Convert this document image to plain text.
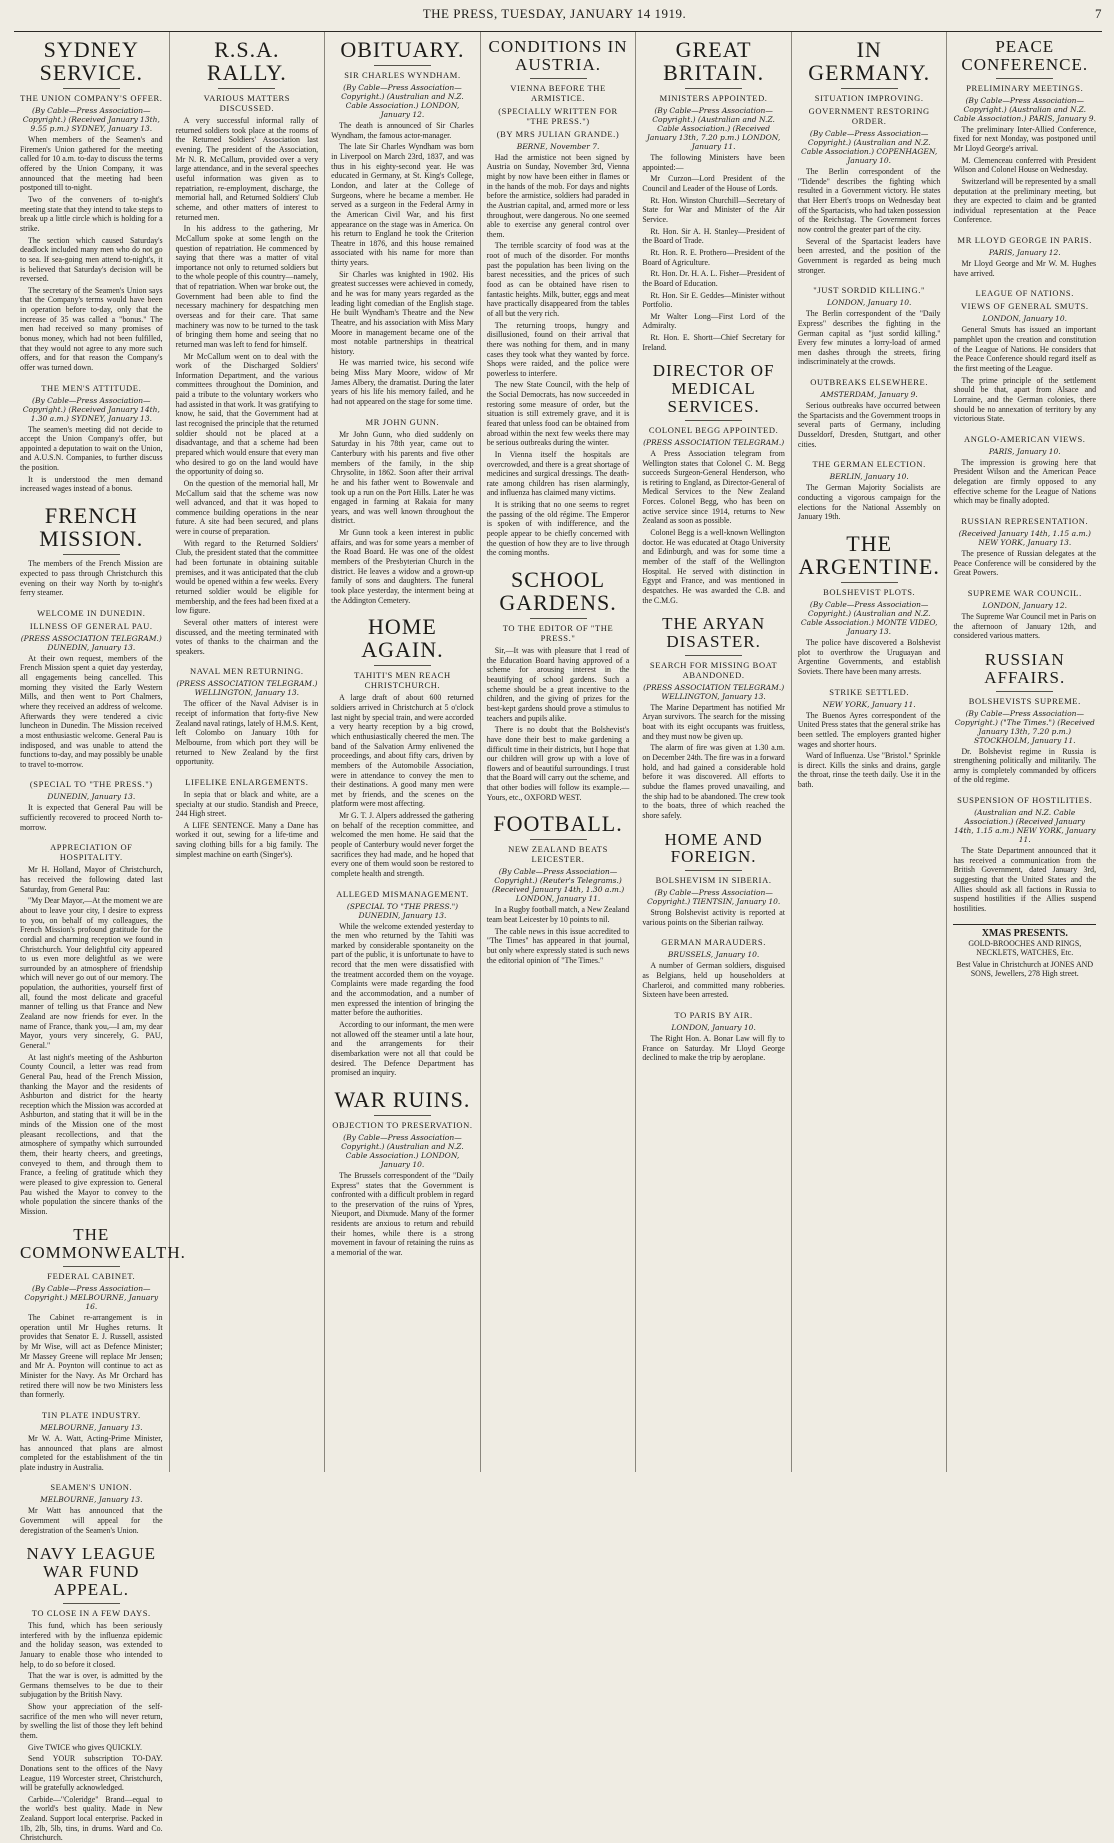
THE PRESS, TUESDAY, JANUARY 14 1919.	7
SYDNEY SERVICE.
THE UNION COMPANY'S OFFER.
(By Cable—Press Association—Copyright.) (Received January 13th, 9.55 p.m.) SYDNEY, January 13.

When members of the Seamen's and Firemen's Union gathered for the meeting called for 10 a.m. to-day to discuss the terms offered by the Union Company, it was announced that the meeting had been postponed till to-night.

Two of the conveners of to-night's meeting state that they intend to take steps to break up a little circle which is holding for a strike.

The section which caused Saturday's deadlock included many men who do not go to sea. If sea-going men attend to-night's, it is believed that Saturday's decision will be reversed.

The secretary of the Seamen's Union says that the Company's terms would have been in operation before to-day, only that the increase of 35 was called a "bonus." The men had received so many promises of bonus money, which had not been fulfilled, that they would not agree to any more such offers, and for that reason the Company's offer was turned down.

THE MEN'S ATTITUDE.
(By Cable—Press Association—Copyright.) (Received January 14th, 1.30 a.m.) SYDNEY, January 13.

The seamen's meeting did not decide to accept the Union Company's offer, but appointed a deputation to wait on the Union, and A.U.S.N. Companies, to further discuss the position.

It is understood the men demand increased wages instead of a bonus.

FRENCH MISSION.

The members of the French Mission are expected to pass through Christchurch this evening on their way North by to-night's ferry steamer.

WELCOME IN DUNEDIN.
ILLNESS OF GENERAL PAU.
(PRESS ASSOCIATION TELEGRAM.) DUNEDIN, January 13.

At their own request, members of the French Mission spent a quiet day yesterday, all engagements being cancelled. This morning they visited the Early Western Mills, and then went to Port Chalmers, where they received an address of welcome. Afterwards they were tendered a civic luncheon in Dunedin. The Mission received a most enthusiastic welcome. General Pau is indisposed, and was unable to attend the functions to-day, and may possibly be unable to travel to-morrow.

(SPECIAL TO "THE PRESS.")
DUNEDIN, January 13.

It is expected that General Pau will be sufficiently recovered to proceed North to-morrow.

APPRECIATION OF HOSPITALITY.

Mr H. Holland, Mayor of Christchurch, has received the following dated last Saturday, from General Pau:

"My Dear Mayor,—At the moment we are about to leave your city, I desire to express to you, on behalf of my colleagues, the French Mission's profound gratitude for the cordial and charming reception we found in Christchurch. Your delightful city appeared to us even more delightful as we were surrounded by an atmosphere of friendship which will never go out of our memory. The population, the authorities, yourself first of all, found the most delicate and graceful manner of telling us that France and New Zealand are now friends for ever. In the name of France, thank you,—I am, my dear Mayor, yours very sincerely, G. PAU, General."

At last night's meeting of the Ashburton County Council, a letter was read from General Pau, head of the French Mission, thanking the Mayor and the residents of Ashburton and district for the hearty reception which the Mission was accorded at Ashburton, and stating that it will be in the minds of the Mission one of the most pleasant recollections, and that the atmosphere of sympathy which surrounded them, their hearty cheers, and greetings, conveyed to them, and through them to France, a feeling of gratitude which they were pleased to give expression to. General Pau wished the Mayor to convey to the whole population the sincere thanks of the Mission.

THE COMMONWEALTH.
FEDERAL CABINET.
(By Cable—Press Association—Copyright.) MELBOURNE, January 16.

The Cabinet re-arrangement is in operation until Mr Hughes returns. It provides that Senator E. J. Russell, assisted by Mr Wise, will act as Defence Minister; Mr Massey Greene will replace Mr Jensen; and Mr A. Poynton will continue to act as Minister for the Navy. As Mr Orchard has retired there will now be two Ministers less than formerly.

TIN PLATE INDUSTRY.
MELBOURNE, January 13.

Mr W. A. Watt, Acting-Prime Minister, has announced that plans are almost completed for the establishment of the tin plate industry in Australia.

SEAMEN'S UNION.
MELBOURNE, January 13.

Mr Watt has announced that the Government will appeal for the deregistration of the Seamen's Union.

NAVY LEAGUE WAR FUND APPEAL.
TO CLOSE IN A FEW DAYS.

This fund, which has been seriously interfered with by the influenza epidemic and the holiday season, was extended to January to enable those who intended to help, to do so before it closed.

That the war is over, is admitted by the Germans themselves to be due to their subjugation by the British Navy.

Show your appreciation of the self-sacrifice of the men who will never return, by swelling the list of those they left behind them.

Give TWICE who gives QUICKLY.

Send YOUR subscription TO-DAY. Donations sent to the offices of the Navy League, 119 Worcester street, Christchurch, will be gratefully acknowledged.

Carbide—"Coleridge" Brand—equal to the world's best quality. Made in New Zealand. Support local enterprise. Packed in 1lb, 2lb, 5lb, tins, in drums. Ward and Co. Christchurch.

R.S.A. RALLY.
VARIOUS MATTERS DISCUSSED.

A very successful informal rally of returned soldiers took place at the rooms of the Returned Soldiers' Association last evening. The president of the Association, Mr N. R. McCallum, provided over a very large attendance, and in the several speeches useful information was given as to repatriation, re-employment, discharge, the memorial hall, and Returned Soldiers' Club scheme, and other matters of interest to returned men.

In his address to the gathering, Mr McCallum spoke at some length on the question of repatriation. He commenced by saying that there was a matter of vital importance not only to returned soldiers but to the whole people of this country—namely, that of repatriation. When war broke out, the Government had been able to find the necessary machinery for despatching men overseas and for their care. That same machinery was now to be turned to the task of bringing them home and seeing that no returned man was left to fend for himself.

Mr McCallum went on to deal with the work of the Discharged Soldiers' Information Department, and the various committees throughout the Dominion, and paid a tribute to the voluntary workers who had assisted in that work. It was gratifying to know, he said, that the Government had at last recognised the principle that the returned soldier should not be placed at a disadvantage, and that a scheme had been prepared which would ensure that every man who desired to go on the land would have the opportunity of doing so.

On the question of the memorial hall, Mr McCallum said that the scheme was now well advanced, and that it was hoped to commence building operations in the near future. A site had been secured, and plans were in course of preparation.

With regard to the Returned Soldiers' Club, the president stated that the committee had been fortunate in obtaining suitable premises, and it was anticipated that the club would be opened within a few weeks. Every returned soldier would be eligible for membership, and the fees had been fixed at a low figure.

Several other matters of interest were discussed, and the meeting terminated with votes of thanks to the chairman and the speakers.

NAVAL MEN RETURNING.
(PRESS ASSOCIATION TELEGRAM.) WELLINGTON, January 13.

The officer of the Naval Adviser is in receipt of information that forty-five New Zealand naval ratings, lately of H.M.S. Kent, left Colombo on January 10th for Melbourne, from which port they will be returned to New Zealand by the first opportunity.

LIFELIKE ENLARGEMENTS.

In sepia that or black and white, are a specialty at our studio. Standish and Preece, 244 High street.

A LIFE SENTENCE. Many a Dane has worked it out, sewing for a life-time and saving clothing bills for a big family. The simplest machine on earth (Singer's).

OBITUARY.
SIR CHARLES WYNDHAM.
(By Cable—Press Association—Copyright.) (Australian and N.Z. Cable Association.) LONDON, January 12.

The death is announced of Sir Charles Wyndham, the famous actor-manager.

The late Sir Charles Wyndham was born in Liverpool on March 23rd, 1837, and was thus in his eighty-second year. He was educated in Germany, at St. King's College, London, and later at the College of Surgeons, where he became a member. He served as a surgeon in the Federal Army in the American Civil War, and his first appearance on the stage was in America. On his return to England he took the Criterion Theatre in 1876, and this house remained associated with his name for more than thirty years.

Sir Charles was knighted in 1902. His greatest successes were achieved in comedy, and he was for many years regarded as the leading light comedian of the English stage. He built Wyndham's Theatre and the New Theatre, and his association with Miss Mary Moore in management became one of the most notable partnerships in theatrical history.

He was married twice, his second wife being Miss Mary Moore, widow of Mr James Albery, the dramatist. During the later years of his life his memory failed, and he had not appeared on the stage for some time.

MR JOHN GUNN.

Mr John Gunn, who died suddenly on Saturday in his 78th year, came out to Canterbury with his parents and five other members of the family, in the ship Chrysolite, in 1862. Soon after their arrival he and his father went to Bowenvale and took up a run on the Port Hills. Later he was engaged in farming at Rakaia for many years, and was well known throughout the district.

Mr Gunn took a keen interest in public affairs, and was for some years a member of the Road Board. He was one of the oldest members of the Presbyterian Church in the district. He leaves a widow and a grown-up family of sons and daughters. The funeral took place yesterday, the interment being at the Addington Cemetery.

HOME AGAIN.
TAHITI'S MEN REACH CHRISTCHURCH.

A large draft of about 600 returned soldiers arrived in Christchurch at 5 o'clock last night by special train, and were accorded a very hearty reception by a big crowd, which enthusiastically cheered the men. The band of the Salvation Army enlivened the proceedings, and about fifty cars, driven by members of the Automobile Association, were in attendance to convey the men to their destinations. A good many men were met by friends, and the scenes on the platform were most affecting.

Mr G. T. J. Alpers addressed the gathering on behalf of the reception committee, and welcomed the men home. He said that the people of Canterbury would never forget the sacrifices they had made, and he hoped that every one of them would soon be restored to complete health and strength.

ALLEGED MISMANAGEMENT.
(SPECIAL TO "THE PRESS.") DUNEDIN, January 13.

While the welcome extended yesterday to the men who returned by the Tahiti was marked by considerable spontaneity on the part of the public, it is unfortunate to have to record that the men were dissatisfied with the treatment accorded them on the voyage. Complaints were made regarding the food and the accommodation, and a number of men expressed the intention of bringing the matter before the authorities.

According to our informant, the men were not allowed off the steamer until a late hour, and the arrangements for their disembarkation were not all that could be desired. The Defence Department has promised an inquiry.

WAR RUINS.
OBJECTION TO PRESERVATION.
(By Cable—Press Association—Copyright.) (Australian and N.Z. Cable Association.) LONDON, January 10.

The Brussels correspondent of the "Daily Express" states that the Government is confronted with a difficult problem in regard to the preservation of the ruins of Ypres, Nieuport, and Dixmude. Many of the former residents are anxious to return and rebuild their homes, while there is a strong movement in favour of retaining the ruins as a memorial of the war.

CONDITIONS IN AUSTRIA.
VIENNA BEFORE THE ARMISTICE.
(SPECIALLY WRITTEN FOR "THE PRESS.")
(BY MRS JULIAN GRANDE.)
BERNE, November 7.

Had the armistice not been signed by Austria on Sunday, November 3rd, Vienna might by now have been either in flames or in the hands of the mob. For days and nights before the armistice, soldiers had paraded in the Austrian capital, and, armed more or less throughout, were dangerous. No one seemed able to exercise any general control over them.

The terrible scarcity of food was at the root of much of the disorder. For months past the population has been living on the barest necessities, and the prices of such food as can be obtained have risen to fantastic heights. Milk, butter, eggs and meat have practically disappeared from the tables of all but the very rich.

The returning troops, hungry and disillusioned, found on their arrival that there was nothing for them, and in many cases they took what they wanted by force. Shops were raided, and the police were powerless to interfere.

The new State Council, with the help of the Social Democrats, has now succeeded in restoring some measure of order, but the situation is still extremely grave, and it is feared that unless food can be obtained from abroad within the next few weeks there may be serious outbreaks during the winter.

In Vienna itself the hospitals are overcrowded, and there is a great shortage of medicines and surgical dressings. The death-rate among children has risen alarmingly, and influenza has claimed many victims.

It is striking that no one seems to regret the passing of the old régime. The Emperor is spoken of with indifference, and the people appear to be chiefly concerned with the question of how they are to live through the coming months.

SCHOOL GARDENS.
TO THE EDITOR OF "THE PRESS."

Sir,—It was with pleasure that I read of the Education Board having approved of a scheme for arousing interest in the beautifying of school gardens. Such a scheme should be a great incentive to the children, and the giving of prizes for the best-kept gardens should prove a stimulus to teachers and pupils alike.

There is no doubt that the Bolshevist's have done their best to make gardening a difficult time in their districts, but I hope that our children will grow up with a love of flowers and of beautiful surroundings. I trust that the Board will carry out the scheme, and that other bodies will follow its example.—Yours, etc., OXFORD WEST.

FOOTBALL.
NEW ZEALAND BEATS LEICESTER.
(By Cable—Press Association—Copyright.) (Reuter's Telegrams.) (Received January 14th, 1.30 a.m.) LONDON, January 11.

In a Rugby football match, a New Zealand team beat Leicester by 10 points to nil.

The cable news in this issue accredited to "The Times" has appeared in that journal, but only where expressly stated is such news the editorial opinion of "The Times."

GREAT BRITAIN.
MINISTERS APPOINTED.
(By Cable—Press Association—Copyright.) (Australian and N.Z. Cable Association.) (Received January 13th, 7.20 p.m.) LONDON, January 11.

The following Ministers have been appointed:—

Mr Curzon—Lord President of the Council and Leader of the House of Lords.

Rt. Hon. Winston Churchill—Secretary of State for War and Minister of the Air Service.

Rt. Hon. Sir A. H. Stanley—President of the Board of Trade.

Rt. Hon. R. E. Prothero—President of the Board of Agriculture.

Rt. Hon. Dr. H. A. L. Fisher—President of the Board of Education.

Rt. Hon. Sir E. Geddes—Minister without Portfolio.

Mr Walter Long—First Lord of the Admiralty.

Rt. Hon. E. Shortt—Chief Secretary for Ireland.

DIRECTOR OF MEDICAL SERVICES.
COLONEL BEGG APPOINTED.
(PRESS ASSOCIATION TELEGRAM.)

A Press Association telegram from Wellington states that Colonel C. M. Begg succeeds Surgeon-General Henderson, who is retiring to England, as Director-General of Medical Services to the New Zealand Forces. Colonel Begg, who has been on active service since 1914, returns to New Zealand as soon as possible.

Colonel Begg is a well-known Wellington doctor. He was educated at Otago University and Edinburgh, and was for some time a member of the staff of the Wellington Hospital. He served with distinction in Egypt and France, and was mentioned in despatches. He was awarded the C.B. and the C.M.G.

THE ARYAN DISASTER.
SEARCH FOR MISSING BOAT ABANDONED.
(PRESS ASSOCIATION TELEGRAM.) WELLINGTON, January 13.

The Marine Department has notified Mr Aryan survivors. The search for the missing boat with its eight occupants was fruitless, and they must now be given up.

The alarm of fire was given at 1.30 a.m. on December 24th. The fire was in a forward hold, and had gained a considerable hold before it was discovered. All efforts to subdue the flames proved unavailing, and the ship had to be abandoned. The crew took to the boats, three of which reached the shore safely.

HOME AND FOREIGN.
BOLSHEVISM IN SIBERIA.
(By Cable—Press Association—Copyright.) TIENTSIN, January 10.

Strong Bolshevist activity is reported at various points on the Siberian railway.

GERMAN MARAUDERS.
BRUSSELS, January 10.

A number of German soldiers, disguised as Belgians, held up householders at Charleroi, and committed many robberies. Sixteen have been arrested.

TO PARIS BY AIR.
LONDON, January 10.

The Right Hon. A. Bonar Law will fly to France on Saturday. Mr Lloyd George declined to make the trip by aeroplane.

IN GERMANY.
SITUATION IMPROVING.
GOVERNMENT RESTORING ORDER.
(By Cable—Press Association—Copyright.) (Australian and N.Z. Cable Association.) COPENHAGEN, January 10.

The Berlin correspondent of the "Tidende" describes the fighting which resulted in a Government victory. He states that Herr Ebert's troops on Wednesday beat off the Spartacists, who had taken possession of the Reichstag. The Government forces now control the greater part of the city.

Several of the Spartacist leaders have been arrested, and the position of the Government is regarded as being much stronger.

"JUST SORDID KILLING."
LONDON, January 10.

The Berlin correspondent of the "Daily Express" describes the fighting in the German capital as "just sordid killing." Every few minutes a lorry-load of armed men dashes through the streets, firing indiscriminately at the crowds.

OUTBREAKS ELSEWHERE.
AMSTERDAM, January 9.

Serious outbreaks have occurred between the Spartacists and the Government troops in several parts of Germany, including Dusseldorf, Dresden, Stuttgart, and other cities.

THE GERMAN ELECTION.
BERLIN, January 10.

The German Majority Socialists are conducting a vigorous campaign for the elections for the National Assembly on January 19th.

THE ARGENTINE.
BOLSHEVIST PLOTS.
(By Cable—Press Association—Copyright.) (Australian and N.Z. Cable Association.) MONTE VIDEO, January 13.

The police have discovered a Bolshevist plot to overthrow the Uruguayan and Argentine Governments, and establish Soviets. There have been many arrests.

STRIKE SETTLED.
NEW YORK, January 11.

The Buenos Ayres correspondent of the United Press states that the general strike has been settled. The employers granted higher wages and shorter hours.

Ward of Influenza. Use "Bristol." Sprinkle is direct. Kills the sinks and drains, gargle the throat, rinse the teeth daily. Use it in the bath.

PEACE CONFERENCE.
PRELIMINARY MEETINGS.
(By Cable—Press Association—Copyright.) (Australian and N.Z. Cable Association.) PARIS, January 9.

The preliminary Inter-Allied Conference, fixed for next Monday, was postponed until Mr Lloyd George's arrival.

M. Clemenceau conferred with President Wilson and Colonel House on Wednesday.

Switzerland will be represented by a small deputation at the preliminary meeting, but they are expected to claim and be granted individual representation at the Peace Conference.

MR LLOYD GEORGE IN PARIS.
PARIS, January 12.

Mr Lloyd George and Mr W. M. Hughes have arrived.

LEAGUE OF NATIONS.
VIEWS OF GENERAL SMUTS.
LONDON, January 10.

General Smuts has issued an important pamphlet upon the creation and constitution of the League of Nations. He considers that the Peace Conference should regard itself as the first meeting of the League.

The prime principle of the settlement should be that, apart from Alsace and Lorraine, and the German colonies, there should be no annexation of territory by any victorious State.

ANGLO-AMERICAN VIEWS.
PARIS, January 10.

The impression is growing here that President Wilson and the American Peace delegation are firmly opposed to any effective scheme for the League of Nations which may be finally adopted.

RUSSIAN REPRESENTATION.
(Received January 14th, 1.15 a.m.) NEW YORK, January 13.

The presence of Russian delegates at the Peace Conference will be considered by the Great Powers.

SUPREME WAR COUNCIL.
LONDON, January 12.

The Supreme War Council met in Paris on the afternoon of January 12th, and considered various matters.

RUSSIAN AFFAIRS.
BOLSHEVISTS SUPREME.
(By Cable—Press Association—Copyright.) ("The Times.") (Received January 13th, 7.20 p.m.) STOCKHOLM, January 11.

Dr. Bolshevist regime in Russia is strengthening politically and militarily. The army is completely commanded by officers of the old regime.

SUSPENSION OF HOSTILITIES.
(Australian and N.Z. Cable Association.) (Received January 14th, 1.15 a.m.) NEW YORK, January 11.

The State Department announced that it has received a communication from the British Government, dated January 3rd, suggesting that the United States and the Allies should ask all factions in Russia to suspend hostilities if the Allies suspend hostilities.

XMAS PRESENTS.

GOLD-BROOCHES AND RINGS, NECKLETS, WATCHES, Etc.

Best Value in Christchurch at JONES AND SONS, Jewellers, 278 High street.
